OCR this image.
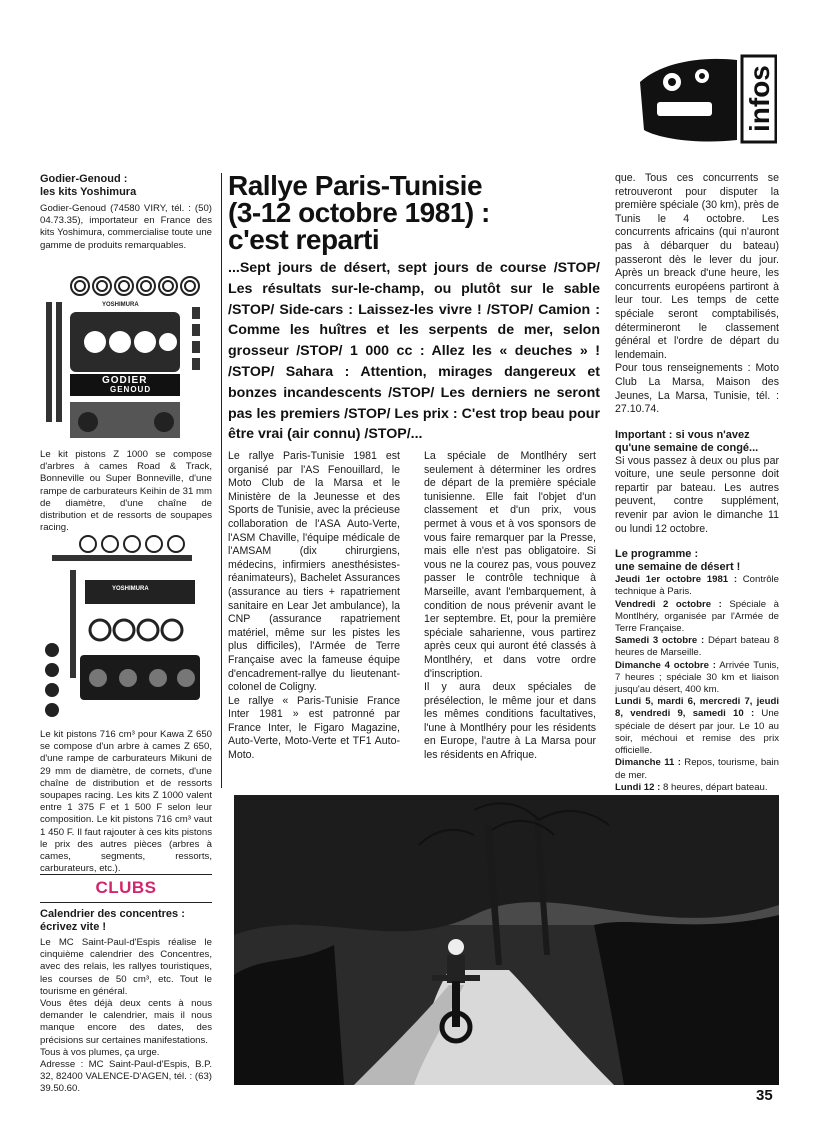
infos

Godier-Genoud :

les kits Yoshimura

Godier-Genoud (74580 VIRY, tél. : (50) 04.73.35), importateur en France des kits Yoshimura, commercialise toute une gamme de produits remarquables.

YOSHIMURA
GODIER
GENOUD

Le kit pistons Z 1000 se compose d'arbres à cames Road & Track, Bonneville ou Super Bonneville, d'une rampe de carburateurs Keihin de 31 mm de diamètre, d'une chaîne de distribution et de ressorts de soupapes racing.

YOSHIMURA

Le kit pistons 716 cm³ pour Kawa Z 650 se compose d'un arbre à cames Z 650, d'une rampe de carburateurs Mikuni de 29 mm de diamètre, de cornets, d'une chaîne de distribution et de ressorts soupapes racing. Les kits Z 1000 valent entre 1 375 F et 1 500 F selon leur composition. Le kit pistons 716 cm³ vaut 1 450 F. Il faut rajouter à ces kits pistons le prix des autres pièces (arbres à cames, segments, ressorts, carburateurs, etc.).

CLUBS

Calendrier des concentres :

écrivez vite !

Le MC Saint-Paul-d'Espis réalise le cinquième calendrier des Concentres, avec des relais, les rallyes touristiques, les courses de 50 cm³, etc. Tout le tourisme en général.

Vous êtes déjà deux cents à nous demander le calendrier, mais il nous manque encore des dates, des précisions sur certaines manifestations.

Tous à vos plumes, ça urge.

Adresse : MC Saint-Paul-d'Espis, B.P. 32, 82400 VALENCE-D'AGEN, tél. : (63) 39.50.60.

Rallye Paris-Tunisie
(3-12 octobre 1981) :
c'est reparti

...Sept jours de désert, sept jours de course /STOP/ Les résultats sur-le-champ, ou plutôt sur le sable /STOP/ Side-cars : Laissez-les vivre ! /STOP/ Camion : Comme les huîtres et les serpents de mer, selon grosseur /STOP/ 1 000 cc : Allez les « deuches » ! /STOP/ Sahara : Attention, mirages dangereux et bonzes incandescents /STOP/ Les derniers ne seront pas les premiers /STOP/ Les prix : C'est trop beau pour être vrai (air connu) /STOP/...

Le rallye Paris-Tunisie 1981 est organisé par l'AS Fenouillard, le Moto Club de la Marsa et le Ministère de la Jeunesse et des Sports de Tunisie, avec la précieuse collaboration de l'ASA Auto-Verte, l'ASM Chaville, l'équipe médicale de l'AMSAM (dix chirurgiens, médecins, infirmiers anesthésistes-réanimateurs), Bachelet Assurances (assurance au tiers + rapatriement sanitaire en Lear Jet ambulance), la CNP (assurance rapatriement matériel, même sur les pistes les plus difficiles), l'Armée de Terre Française avec la fameuse équipe d'encadrement-rallye du lieutenant-colonel de Coligny.

Le rallye « Paris-Tunisie France Inter 1981 » est patronné par France Inter, le Figaro Magazine, Auto-Verte, Moto-Verte et TF1 Auto-Moto.

La spéciale de Montlhéry sert seulement à déterminer les ordres de départ de la première spéciale tunisienne. Elle fait l'objet d'un classement et d'un prix, vous permet à vous et à vos sponsors de vous faire remarquer par la Presse, mais elle n'est pas obligatoire. Si vous ne la courez pas, vous pouvez passer le contrôle technique à Marseille, avant l'embarquement, à condition de nous prévenir avant le 1er septembre. Et, pour la première spéciale saharienne, vous partirez après ceux qui auront été classés à Montlhéry, et dans votre ordre d'inscription.

Il y aura deux spéciales de présélection, le même jour et dans les mêmes conditions facultatives, l'une à Montlhéry pour les résidents en Europe, l'autre à La Marsa pour les résidents en Afrique.

que. Tous ces concurrents se retrouveront pour disputer la première spéciale (30 km), près de Tunis le 4 octobre. Les concurrents africains (qui n'auront pas à débarquer du bateau) passeront dès le lever du jour. Après un breack d'une heure, les concurrents européens partiront à leur tour. Les temps de cette spéciale seront comptabilisés, détermineront le classement général et l'ordre de départ du lendemain.

Pour tous renseignements : Moto Club La Marsa, Maison des Jeunes, La Marsa, Tunisie, tél. : 27.10.74.

Important : si vous n'avez

qu'une semaine de congé...

Si vous passez à deux ou plus par voiture, une seule personne doit repartir par bateau. Les autres peuvent, contre supplément, revenir par avion le dimanche 11 ou lundi 12 octobre.

Le programme :

une semaine de désert !

Jeudi 1er octobre 1981 : Contrôle technique à Paris.

Vendredi 2 octobre : Spéciale à Montlhéry, organisée par l'Armée de Terre Française.

Samedi 3 octobre : Départ bateau 8 heures de Marseille.

Dimanche 4 octobre : Arrivée Tunis, 7 heures ; spéciale 30 km et liaison jusqu'au désert, 400 km.

Lundi 5, mardi 6, mercredi 7, jeudi 8, vendredi 9, samedi 10 : Une spéciale de désert par jour. Le 10 au soir, méchoui et remise des prix officielle.

Dimanche 11 : Repos, tourisme, bain de mer.

Lundi 12 : 8 heures, départ bateau.

35
